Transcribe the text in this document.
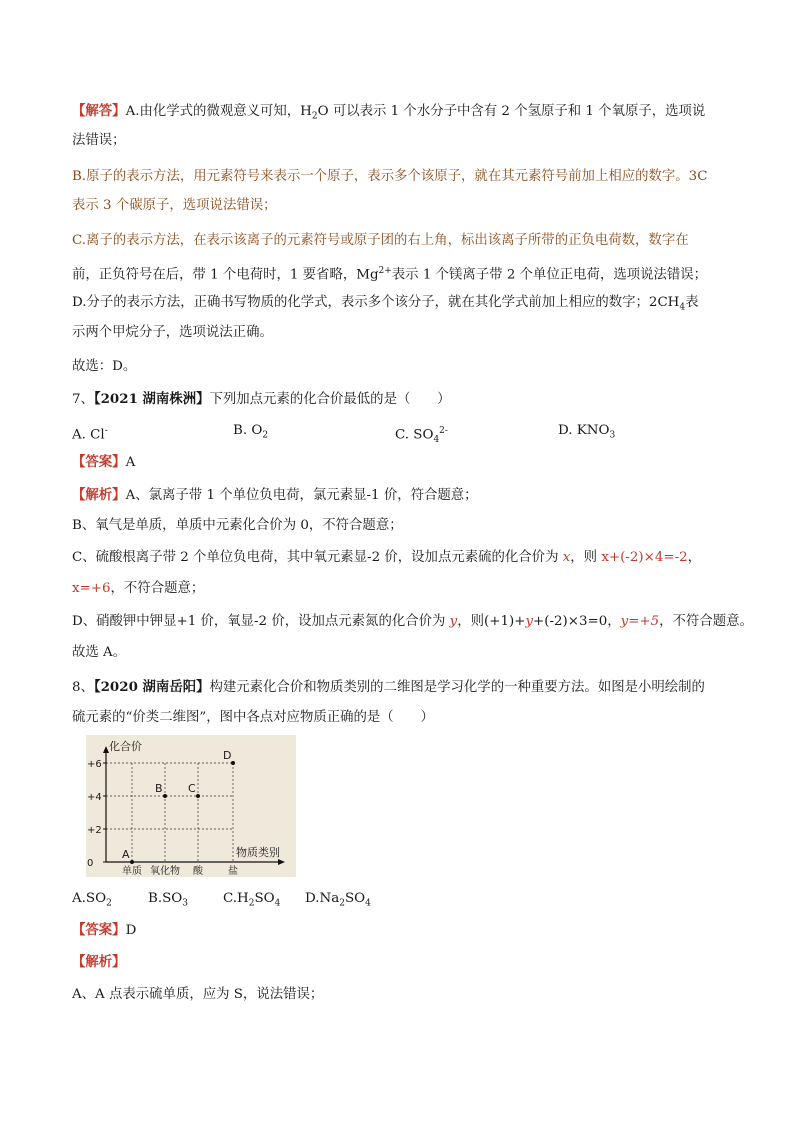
【解答】A.由化学式的微观意义可知，$H_2O$ 可以表示 1 个水分子中含有 2 个氢原子和 1 个氧原子，选项说
法错误；
B.原子的表示方法，用元素符号来表示一个原子，表示多个该原子，就在其元素符号前加上相应的数字。3C
表示 3 个碳原子，选项说法错误；
C.离子的表示方法，在表示该离子的元素符号或原子团的右上角，标出该离子所带的正负电荷数，数字在
前，正负符号在后，带 1 个电荷时，1 要省略，$Mg^{2+}$表示 1 个镁离子带 2 个单位正电荷，选项说法错误；
D.分子的表示方法，正确书写物质的化学式，表示多个该分子，就在其化学式前加上相应的数字；$2CH_4$表
示两个甲烷分子，选项说法正确。
故选：D。
7、【2021 湖南株洲】下列加点元素的化合价最低的是（　　）
A. Cl-	B. $O_2$	C. $SO_4^{2-}$	D. $KNO_3$
【答案】A
【解析】A、氯离子带 1 个单位负电荷，氯元素显-1 价，符合题意；
B、氧气是单质，单质中元素化合价为 0，不符合题意；
C、硫酸根离子带 2 个单位负电荷，其中氧元素显-2 价，设加点元素硫的化合价为 x，则 x+(-2)×4=-2，
x=+6，不符合题意；
D、硝酸钾中钾显+1 价，氧显-2 价，设加点元素氮的化合价为 y，则(+1)+y+(-2)×3=0，y=+5，不符合题意。
故选 A。
8、【2020 湖南岳阳】构建元素化合价和物质类别的二维图是学习化学的一种重要方法。如图是小明绘制的
硫元素的“价类二维图”，图中各点对应物质正确的是（　　）
化合价
物质类别
+6
+4
+2
0
单质 氧化物 酸	盐
A
B C
D
$A.SO_2$	$B.SO_3$	$C.H_2SO_4$ $D.Na_2SO_4$
【答案】D
【解析】
A、A 点表示硫单质，应为 S，说法错误；
